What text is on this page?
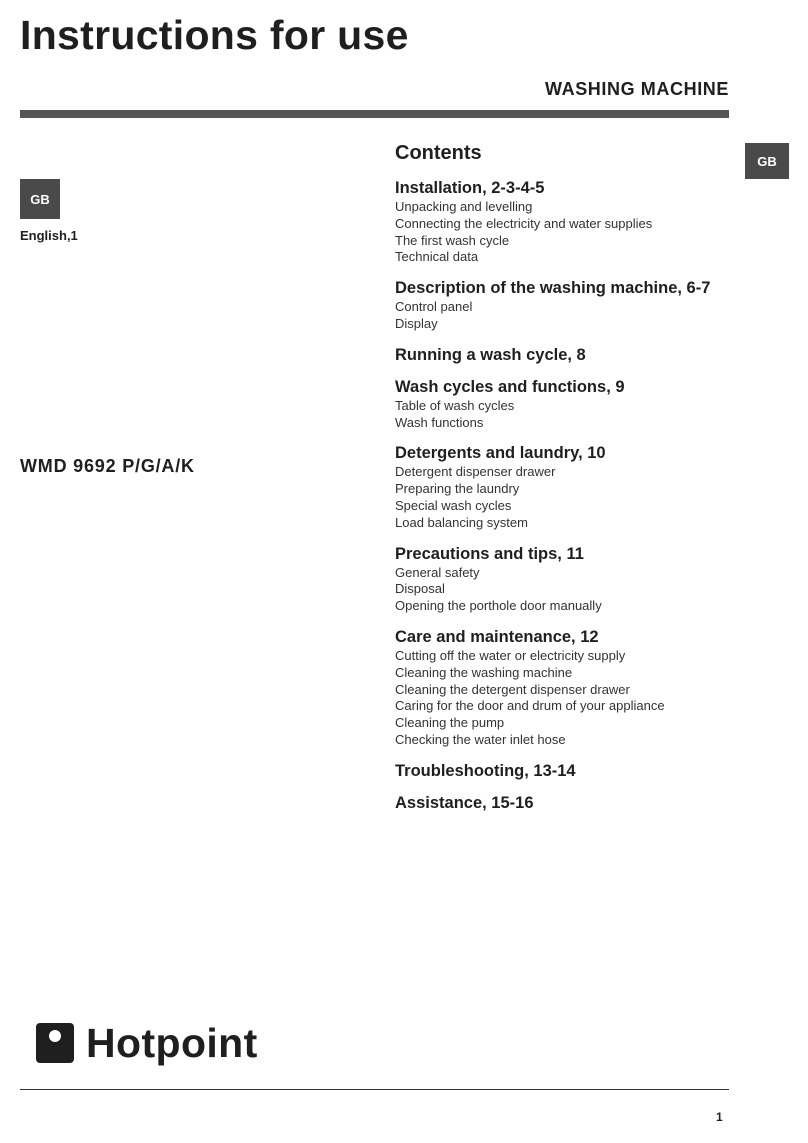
Instructions for use
WASHING MACHINE
GB
GB
English,1
WMD 9692 P/G/A/K
Contents
Installation, 2-3-4-5
Unpacking and levelling
Connecting the electricity and water supplies
The first wash cycle
Technical data
Description of the washing machine, 6-7
Control panel
Display
Running a wash cycle, 8
Wash cycles and functions, 9
Table of wash cycles
Wash functions
Detergents and laundry, 10
Detergent dispenser drawer
Preparing the laundry
Special wash cycles
Load balancing system
Precautions and tips, 11
General safety
Disposal
Opening the porthole door manually
Care and maintenance, 12
Cutting off the water or electricity supply
Cleaning the washing machine
Cleaning the detergent dispenser drawer
Caring for the door and drum of your appliance
Cleaning the pump
Checking the water inlet hose
Troubleshooting, 13-14
Assistance, 15-16
Hotpoint
1
